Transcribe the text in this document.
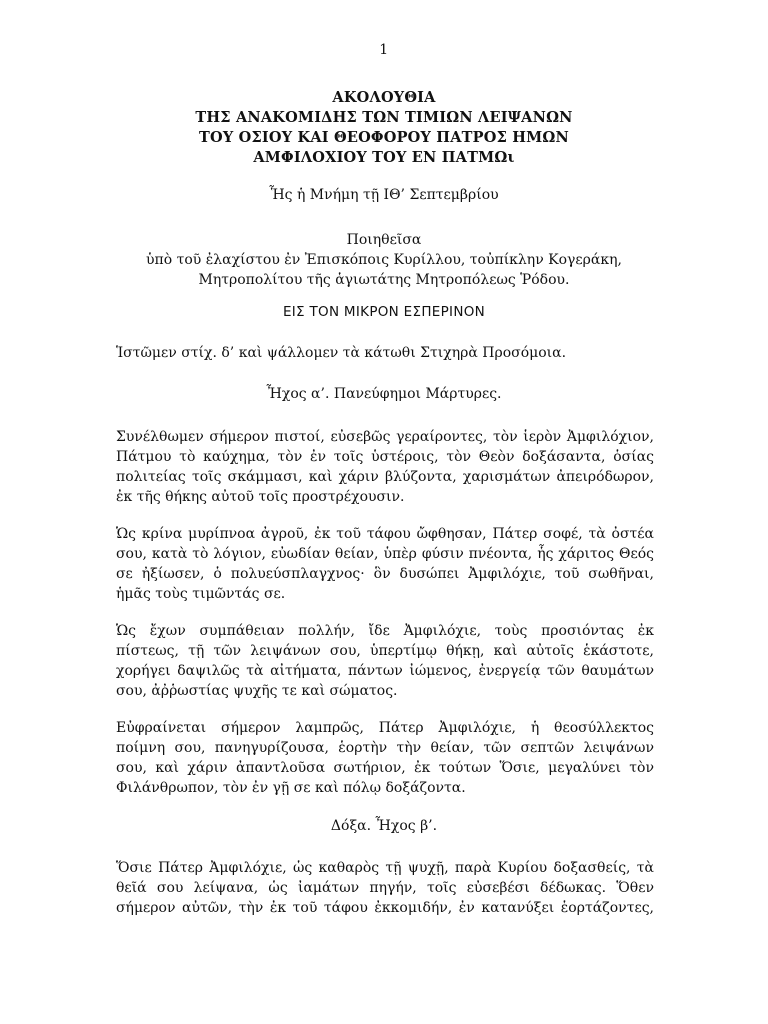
1
ΑΚΟΛΟΥΘΙΑ
ΤΗΣ ΑΝΑΚΟΜΙΔΗΣ ΤΩΝ ΤΙΜΙΩΝ ΛΕΙΨΑΝΩΝ
ΤΟΥ ΟΣΙΟΥ ΚΑΙ ΘΕΟΦΟΡΟΥ ΠΑΤΡΟΣ ΗΜΩΝ
ΑΜΦΙΛΟΧΙΟΥ ΤΟΥ ΕΝ ΠΑΤΜΩι
Ἧς ἡ Μνήμη τῇ ΙΘ’ Σεπτεμβρίου
Ποιηθεῖσα
ὑπὸ τοῦ ἐλαχίστου ἐν Ἐπισκόποις Κυρίλλου, τοὐπίκλην Κογεράκη,
Μητροπολίτου τῆς ἁγιωτάτης Μητροπόλεως Ῥόδου.
ΕΙΣ ΤΟΝ ΜΙΚΡΟΝ ΕΣΠΕΡΙΝΟΝ
Ἱστῶμεν στίχ. δ’ καὶ ψάλλομεν τὰ κάτωθι Στιχηρὰ Προσόμοια.
Ἦχος α’. Πανεύφημοι Μάρτυρες.
Συνέλθωμεν σήμερον πιστοί, εὐσεβῶς γεραίροντες, τὸν ἱερὸν Ἀμφιλόχιον,
Πάτμου τὸ καύχημα, τὸν ἐν τοῖς ὑστέροις, τὸν Θεὸν δοξάσαντα, ὁσίας
πολιτείας τοῖς σκάμμασι, καὶ χάριν βλύζοντα, χαρισμάτων ἀπειρόδωρον,
ἐκ τῆς θήκης αὐτοῦ τοῖς προστρέχουσιν.
Ὡς κρίνα μυρίπνοα ἀγροῦ, ἐκ τοῦ τάφου ὤφθησαν, Πάτερ σοφέ, τὰ ὀστέα
σου, κατὰ τὸ λόγιον, εὐωδίαν θείαν, ὑπὲρ φύσιν πνέοντα, ἧς χάριτος Θεός
σε ἠξίωσεν, ὁ πολυεύσπλαγχνος· ὃν δυσώπει Ἀμφιλόχιε, τοῦ σωθῆναι,
ἡμᾶς τοὺς τιμῶντάς σε.
Ὡς ἔχων συμπάθειαν πολλήν, ἴδε Ἀμφιλόχιε, τοὺς προσιόντας ἐκ
πίστεως, τῇ τῶν λειψάνων σου, ὑπερτίμῳ θήκῃ, καὶ αὐτοῖς ἑκάστοτε,
χορήγει δαψιλῶς τὰ αἰτήματα, πάντων ἰώμενος, ἐνεργείᾳ τῶν θαυμάτων
σου, ἀῤῥωστίας ψυχῆς τε καὶ σώματος.
Εὐφραίνεται σήμερον λαμπρῶς, Πάτερ Ἀμφιλόχιε, ἡ θεοσύλλεκτος
ποίμνη σου, πανηγυρίζουσα, ἑορτὴν τὴν θείαν, τῶν σεπτῶν λειψάνων
σου, καὶ χάριν ἀπαντλοῦσα σωτήριον, ἐκ τούτων Ὅσιε, μεγαλύνει τὸν
Φιλάνθρωπον, τὸν ἐν γῇ σε καὶ πόλῳ δοξάζοντα.
Δόξα. Ἦχος β’.
Ὅσιε Πάτερ Ἀμφιλόχιε, ὡς καθαρὸς τῇ ψυχῇ, παρὰ Κυρίου δοξασθείς, τὰ
θεῖά σου λείψανα, ὡς ἰαμάτων πηγήν, τοῖς εὐσεβέσι δέδωκας. Ὅθεν
σήμερον αὐτῶν, τὴν ἐκ τοῦ τάφου ἐκκομιδήν, ἐν κατανύξει ἑορτάζοντες,
